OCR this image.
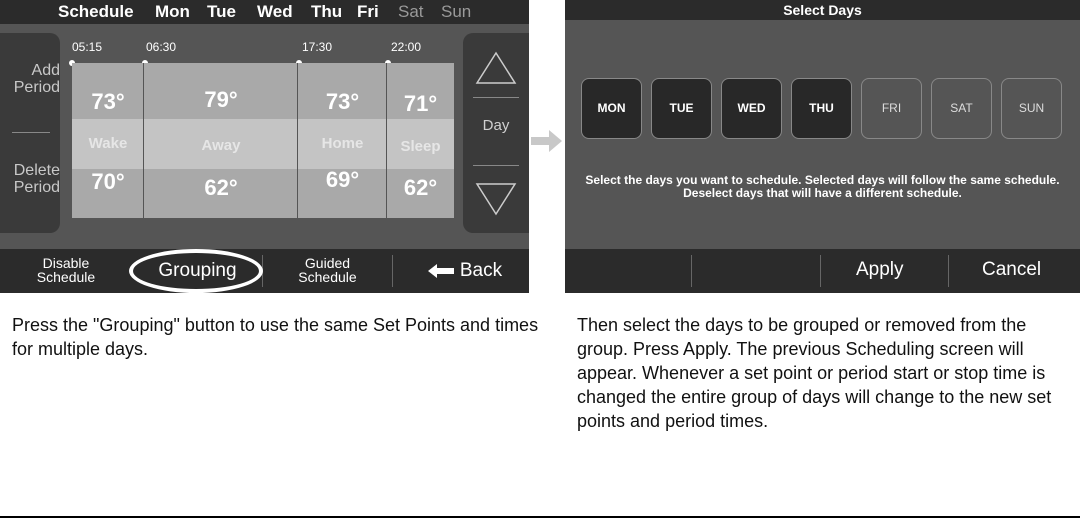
Schedule Mon Tue Wed Thu Fri Sat Sun
Add
Period
Delete
Period
05:15	06:30	17:30	22:00
73°
Wake
70°
79°
Away
62°
73°
Home
69°
71°
Sleep
62°
Day
Disable
Schedule	Grouping	Guided
Schedule	Back
Select Days
MON	TUE	WED	THU	FRI	SAT	SUN
Select the days you want to schedule. Selected days will follow the same schedule. Deselect days that will have a different schedule.
Apply	Cancel
Press the "Grouping" button to use the same Set Points and times for multiple days.
Then select the days to be grouped or removed from the group. Press Apply. The previous Scheduling screen will appear. Whenever a set point or period start or stop time is changed the entire group of days will change to the new set points and period times.
